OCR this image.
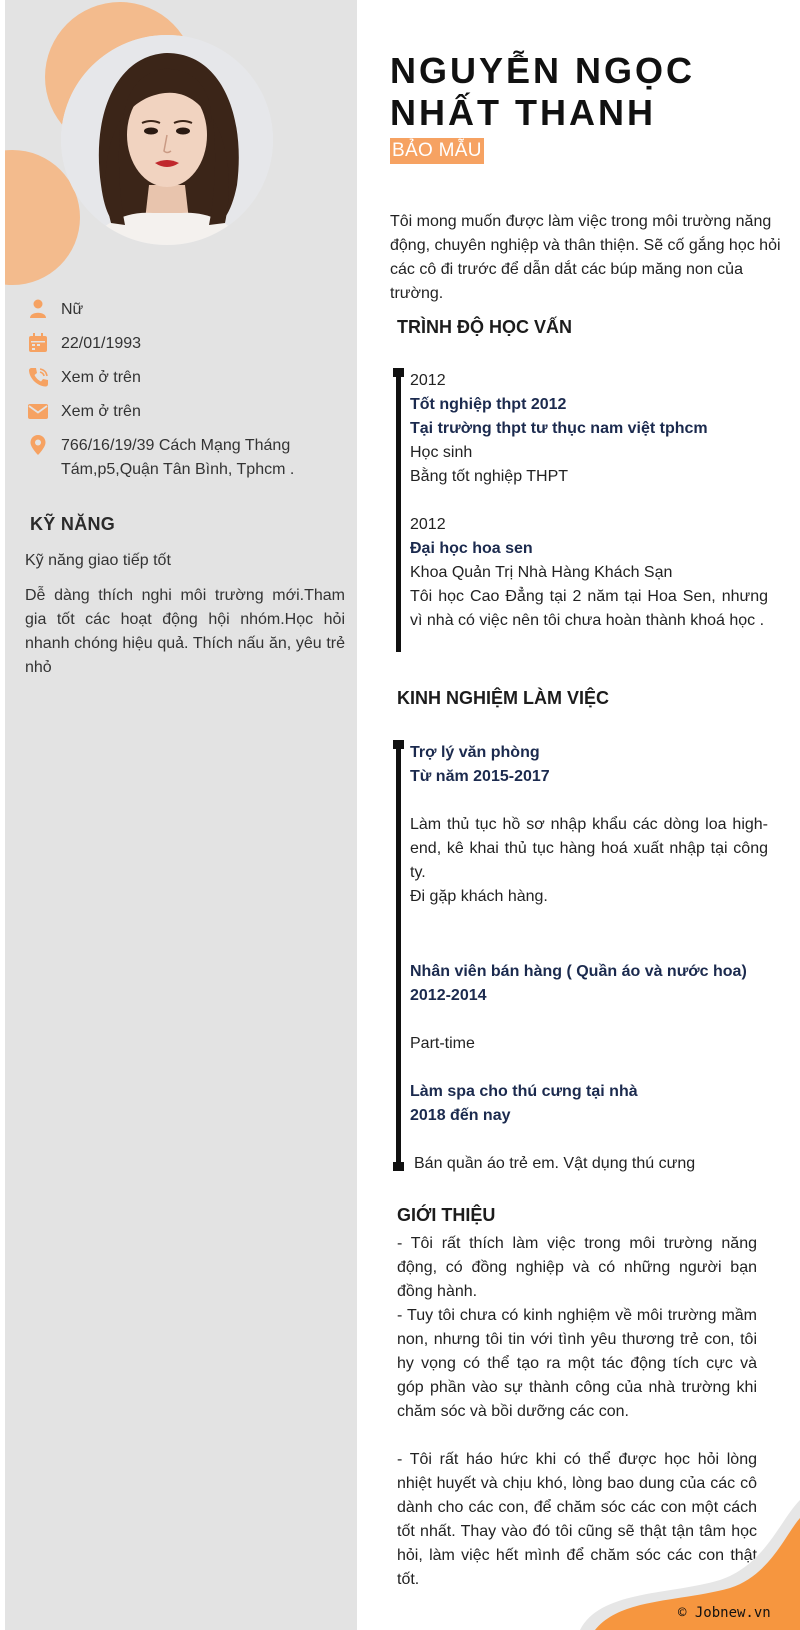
Nữ
22/01/1993
Xem ở trên
Xem ở trên
766/16/19/39 Cách Mạng Tháng Tám,p5,Quận Tân Bình, Tphcm .
KỸ NĂNG
Kỹ năng giao tiếp tốt
Dễ dàng thích nghi môi trường mới.Tham gia tốt các hoạt động hội nhóm.Học hỏi nhanh chóng hiệu quả. Thích nấu ăn, yêu trẻ nhỏ
NGUYỄN NGỌC
NHẤT THANH
BẢO MẪU
Tôi mong muốn được làm việc trong môi trường năng động, chuyên nghiệp và thân thiện. Sẽ cố gắng học hỏi các cô đi trước để dẫn dắt các búp măng non của trường.
TRÌNH ĐỘ HỌC VẤN
2012
Tốt nghiệp thpt 2012
Tại trường thpt tư thục nam việt tphcm
Học sinh
Bằng tốt nghiệp THPT
2012
Đại học hoa sen
Khoa Quản Trị Nhà Hàng Khách Sạn
Tôi học Cao Đẳng tại 2 năm tại Hoa Sen, nhưng vì nhà có việc nên tôi chưa hoàn thành khoá học .
KINH NGHIỆM LÀM VIỆC
Trợ lý văn phòng
Từ năm 2015-2017
Làm thủ tục hồ sơ nhập khẩu các dòng loa high-end, kê khai thủ tục hàng hoá xuất nhập tại công ty.
Đi gặp khách hàng.
Nhân viên bán hàng ( Quần áo và nước hoa)
2012-2014
Part-time
Làm spa cho thú cưng tại nhà
2018 đến nay
Bán quần áo trẻ em. Vật dụng thú cưng
GIỚI THIỆU

- Tôi rất thích làm việc trong môi trường năng động, có đồng nghiệp và có những người bạn đồng hành.

- Tuy tôi chưa có kinh nghiệm về môi trường mầm non, nhưng tôi tin với tình yêu thương trẻ con, tôi hy vọng có thể tạo ra một tác động tích cực và góp phần vào sự thành công của nhà trường khi chăm sóc và bồi dưỡng các con.

- Tôi rất háo hức khi có thể được học hỏi lòng nhiệt huyết và chịu khó, lòng bao dung của các cô dành cho các con, để chăm sóc các con một cách tốt nhất. Thay vào đó tôi cũng sẽ thật tận tâm học hỏi, làm việc hết mình để chăm sóc các con thật tốt.

© Jobnew.vn
